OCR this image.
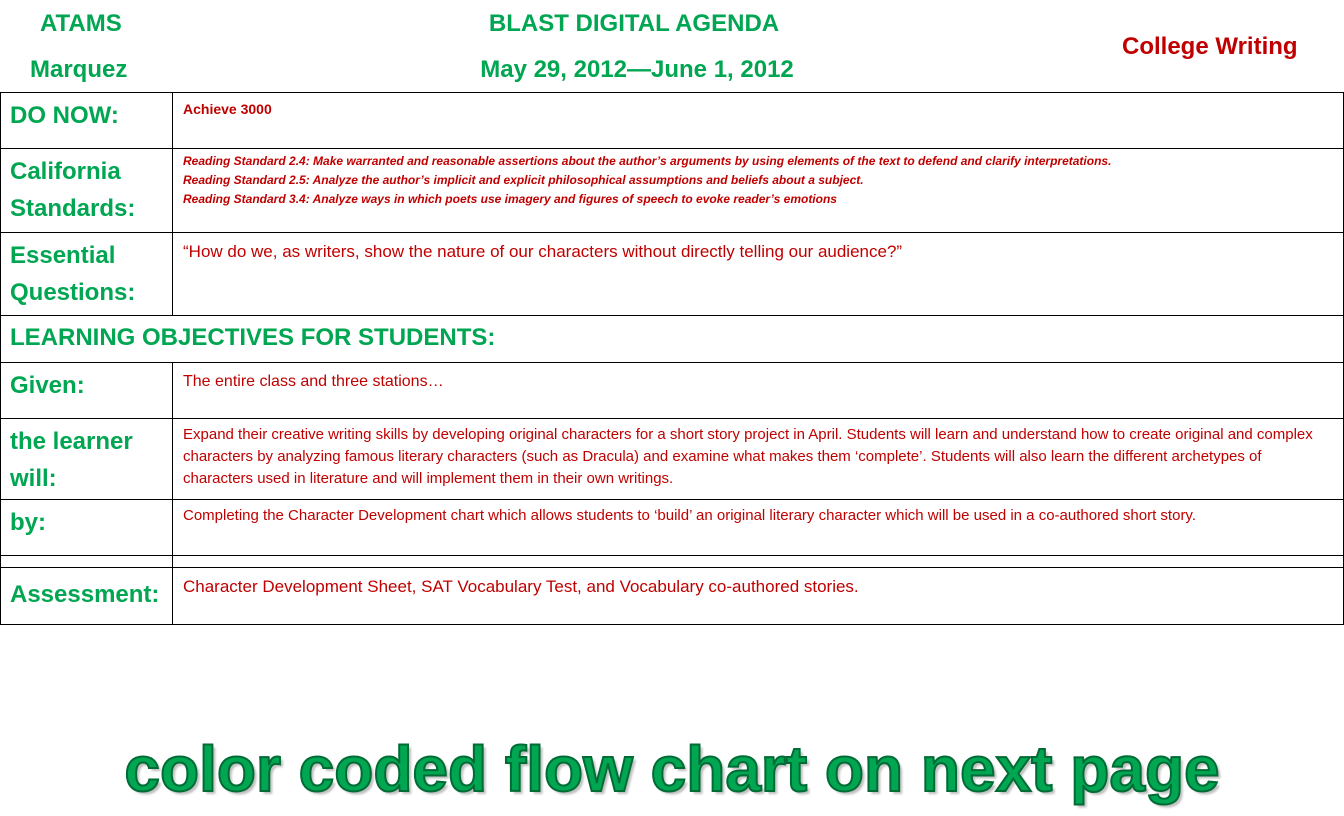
ATAMS
Marquez
BLAST DIGITAL AGENDA
May 29, 2012—June 1, 2012
College Writing
DO NOW:	Achieve 3000
California Standards:	Reading Standard 2.4: Make warranted and reasonable assertions about the author’s arguments by using elements of the text to defend and clarify interpretations.
Reading Standard 2.5: Analyze the author’s implicit and explicit philosophical assumptions and beliefs about a subject.
Reading Standard 3.4: Analyze ways in which poets use imagery and figures of speech to evoke reader’s emotions

Essential Questions:	“How do we, as writers, show the nature of our characters without directly telling our audience?”
LEARNING OBJECTIVES FOR STUDENTS:	
Given:	The entire class and three stations…
the learner will:	Expand their creative writing skills by developing original characters for a short story project in April. Students will learn and understand how to create original and complex characters by analyzing famous literary characters (such as Dracula) and examine what makes them ‘complete’. Students will also learn the different archetypes of characters used in literature and will implement them in their own writings.
by:	Completing the Character Development chart which allows students to ‘build’ an original literary character which will be used in a co-authored short story.

Assessment:	Character Development Sheet, SAT Vocabulary Test, and Vocabulary co-authored stories.
color coded flow chart on next page
